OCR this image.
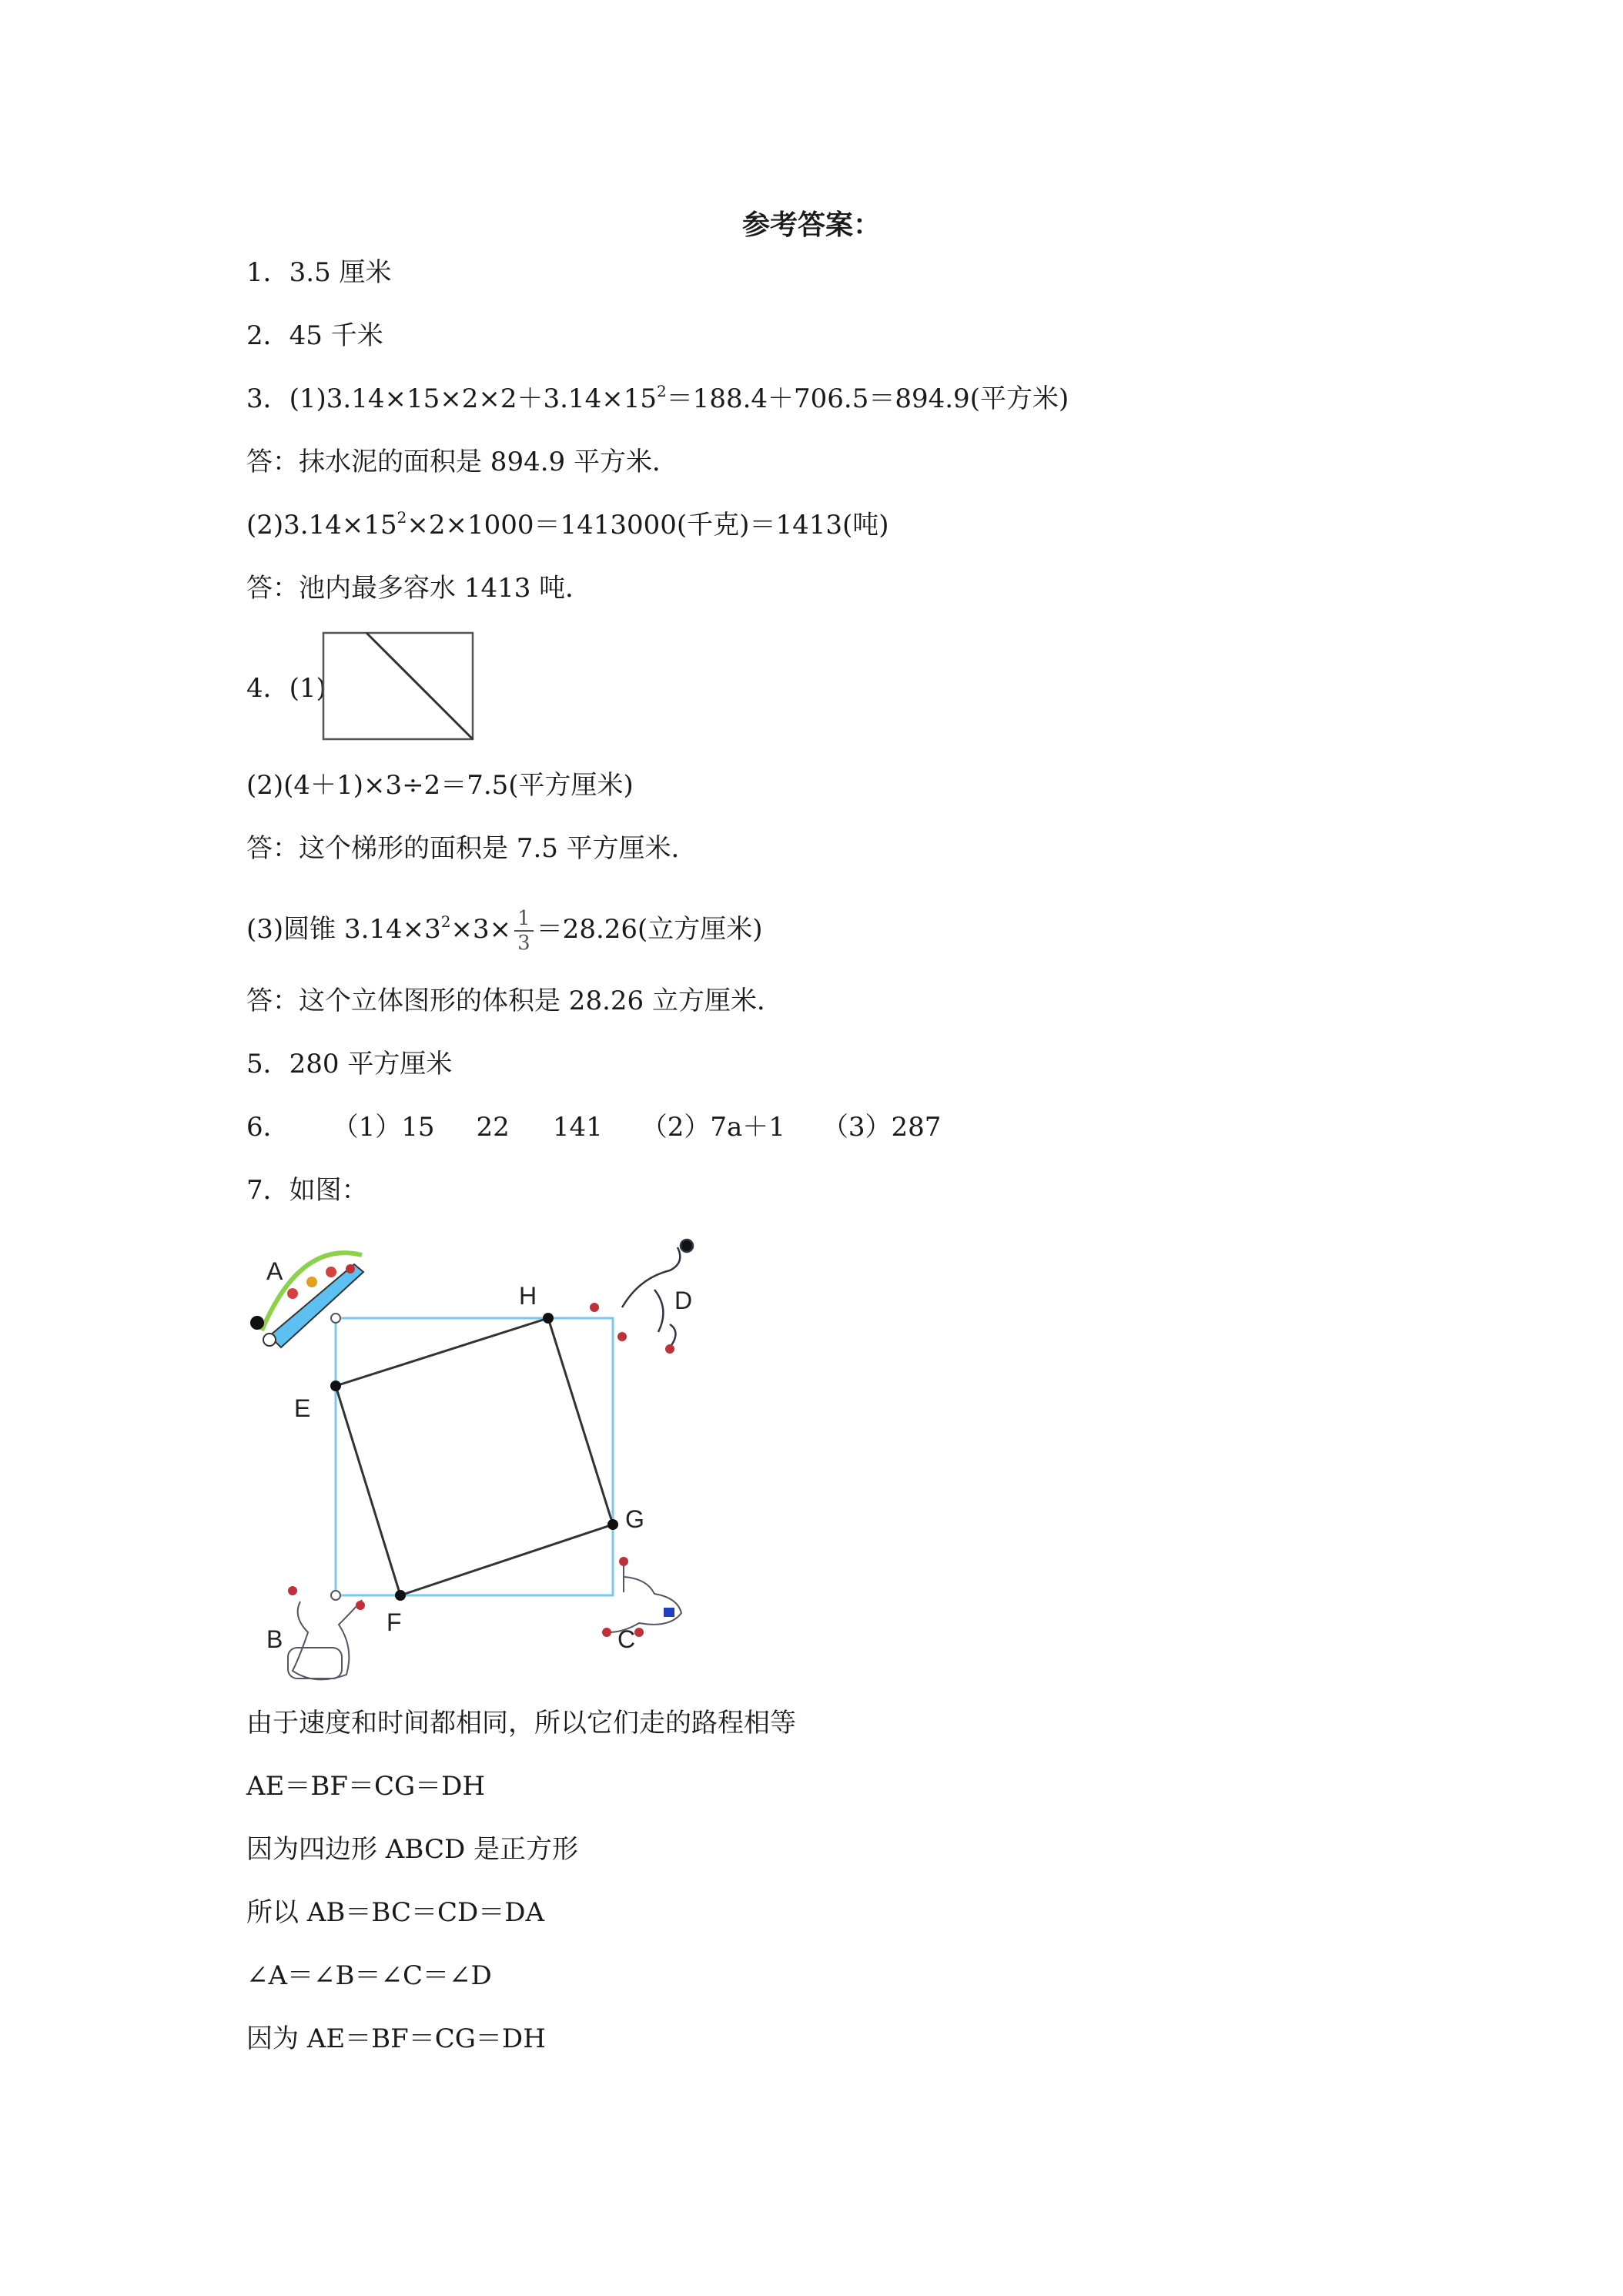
参考答案：
1．3.5 厘米
2．45 千米
3．$(1)3.14\times 15\times 2\times 2+3.14\times 15^2=188.4+706.5=894.9$(平方米)
答：抹水泥的面积是 894.9 平方米．
$(2)3.14\times 15^2\times 2\times 1000=1413000$(千克)＝1413(吨)
答：池内最多容水 1413 吨．
4．(1)
(2)(4＋1)×3÷2＝7.5(平方厘米)
答：这个梯形的面积是 7.5 平方厘米．
(3)圆锥 $3.14\times 3^2\times 3\times \frac{1}{3} =28.26$(立方厘米)
答：这个立体图形的体积是 28.26 立方厘米．
5．280 平方厘米
6． （1）15 22 141 （2）7a＋1 （3）287
7．如图：
A
B	C
D
E
F
G
H
由于速度和时间都相同，所以它们走的路程相等
AE＝BF＝CG＝DH
因为四边形 ABCD 是正方形
所以 AB＝BC＝CD＝DA
∠A＝∠B＝∠C＝∠D
因为 AE＝BF＝CG＝DH
